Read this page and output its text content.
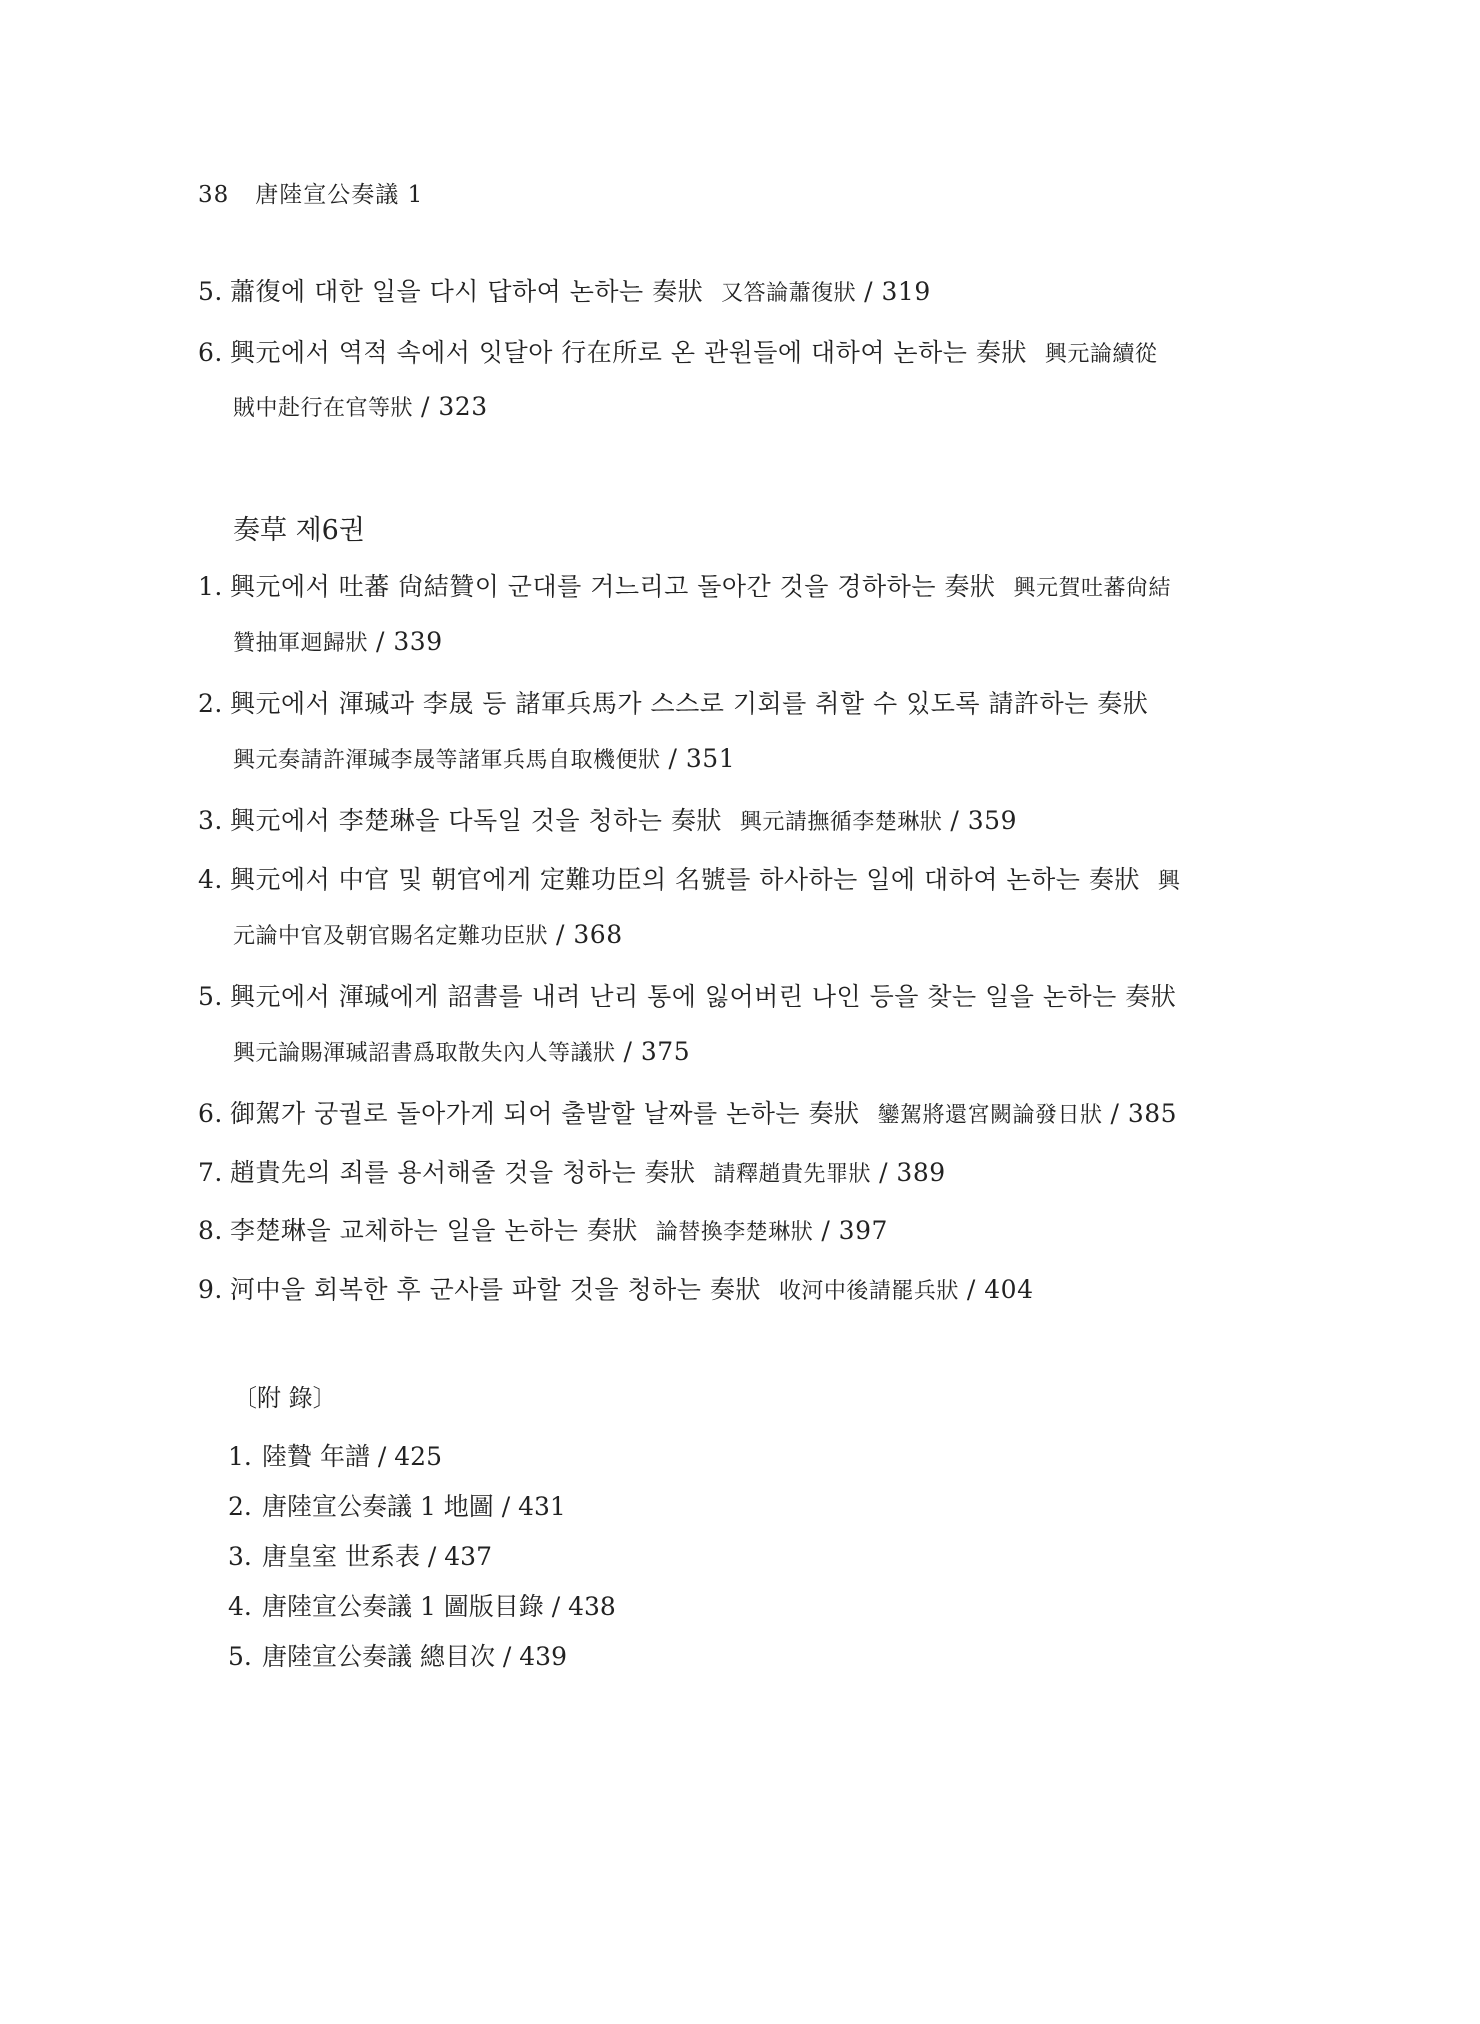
38 唐陸宣公奏議 1
5. 蕭復에 대한 일을 다시 답하여 논하는 奏狀 又答論蕭復狀 / 319
6. 興元에서 역적 속에서 잇달아 行在所로 온 관원들에 대하여 논하는 奏狀 興元論續從
賊中赴行在官等狀 / 323
奏草 제6권
1. 興元에서 吐蕃 尙結贊이 군대를 거느리고 돌아간 것을 경하하는 奏狀 興元賀吐蕃尙結
贊抽軍迴歸狀 / 339
2. 興元에서 渾瑊과 李晟 등 諸軍兵馬가 스스로 기회를 취할 수 있도록 請許하는 奏狀
興元奏請許渾瑊李晟等諸軍兵馬自取機便狀 / 351
3. 興元에서 李楚琳을 다독일 것을 청하는 奏狀 興元請撫循李楚琳狀 / 359
4. 興元에서 中官 및 朝官에게 定難功臣의 名號를 하사하는 일에 대하여 논하는 奏狀 興
元論中官及朝官賜名定難功臣狀 / 368
5. 興元에서 渾瑊에게 詔書를 내려 난리 통에 잃어버린 나인 등을 찾는 일을 논하는 奏狀
興元論賜渾瑊詔書爲取散失內人等議狀 / 375
6. 御駕가 궁궐로 돌아가게 되어 출발할 날짜를 논하는 奏狀 鑾駕將還宮闕論發日狀 / 385
7. 趙貴先의 죄를 용서해줄 것을 청하는 奏狀 請釋趙貴先罪狀 / 389
8. 李楚琳을 교체하는 일을 논하는 奏狀 論替換李楚琳狀 / 397
9. 河中을 회복한 후 군사를 파할 것을 청하는 奏狀 收河中後請罷兵狀 / 404
〔附 錄〕
1. 陸贄 年譜 / 425
2. 唐陸宣公奏議 1 地圖 / 431
3. 唐皇室 世系表 / 437
4. 唐陸宣公奏議 1 圖版目錄 / 438
5. 唐陸宣公奏議 總目次 / 439
